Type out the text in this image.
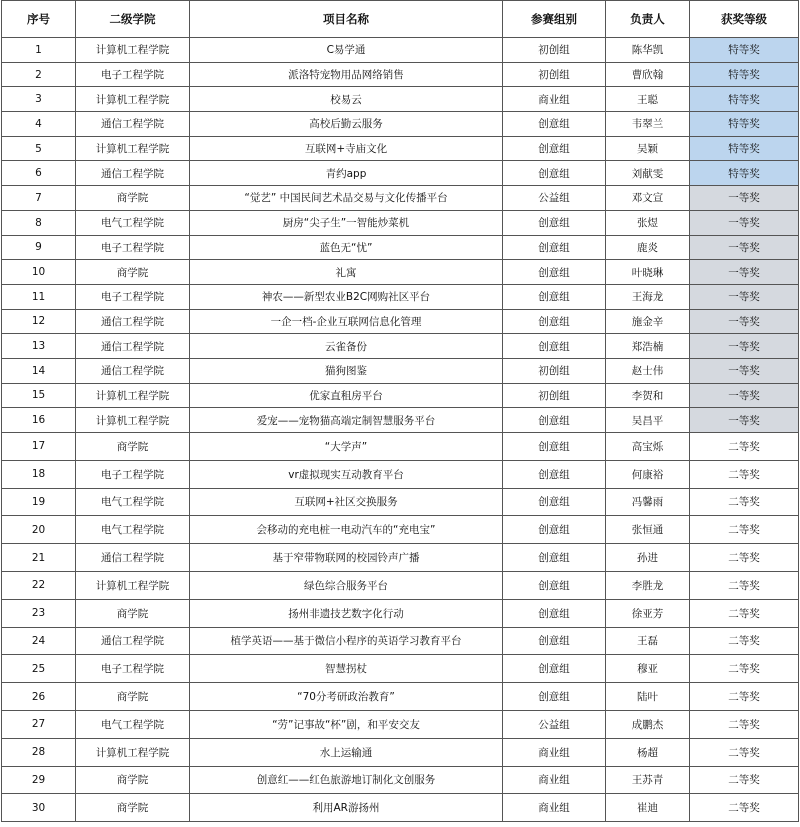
序号	二级学院	项目名称	参赛组别	负责人	获奖等级
1	计算机工程学院	C易学通	初创组	陈华凯	特等奖
2	电子工程学院	派洛特宠物用品网络销售	初创组	曹欣翰	特等奖
3	计算机工程学院	校易云	商业组	王聪	特等奖
4	通信工程学院	高校后勤云服务	创意组	韦翠兰	特等奖
5	计算机工程学院	互联网+寺庙文化	创意组	吴颖	特等奖
6	通信工程学院	青约app	创意组	刘献雯	特等奖
7	商学院	“觉艺” 中国民间艺术品交易与文化传播平台	公益组	邓文宣	一等奖
8	电气工程学院	厨房“尖子生”一智能炒菜机	创意组	张煜	一等奖
9	电子工程学院	蓝色无“忧”	创意组	鹿炎	一等奖
10	商学院	礼寓	创意组	叶晓琳	一等奖
11	电子工程学院	神农——新型农业B2C网购社区平台	创意组	王海龙	一等奖
12	通信工程学院	一企一档-企业互联网信息化管理	创意组	施金辛	一等奖
13	通信工程学院	云雀备份	创意组	郑浩楠	一等奖
14	通信工程学院	猫狗图鉴	初创组	赵士伟	一等奖
15	计算机工程学院	优家直租房平台	初创组	李贺和	一等奖
16	计算机工程学院	爱宠——宠物猫高端定制智慧服务平台	创意组	吴昌平	一等奖
17	商学院	“大学声”	创意组	高宝烁	二等奖
18	电子工程学院	vr虚拟现实互动教育平台	创意组	何康裕	二等奖
19	电气工程学院	互联网+社区交换服务	创意组	冯馨雨	二等奖
20	电气工程学院	会移动的充电桩一电动汽车的“充电宝”	创意组	张恒通	二等奖
21	通信工程学院	基于窄带物联网的校园铃声广播	创意组	孙进	二等奖
22	计算机工程学院	绿色综合服务平台	创意组	李胜龙	二等奖
23	商学院	扬州非遗技艺数字化行动	创意组	徐亚芳	二等奖
24	通信工程学院	植学英语——基于微信小程序的英语学习教育平台	创意组	王磊	二等奖
25	电子工程学院	智慧拐杖	创意组	穆亚	二等奖
26	商学院	“70分考研政治教育”	创意组	陆叶	二等奖
27	电气工程学院	“劳”记事故“杯”剧，和平安交友	公益组	成鹏杰	二等奖
28	计算机工程学院	水上运输通	商业组	杨超	二等奖
29	商学院	创意红——红色旅游地订制化文创服务	商业组	王苏青	二等奖
30	商学院	利用AR游扬州	商业组	崔迪	二等奖
